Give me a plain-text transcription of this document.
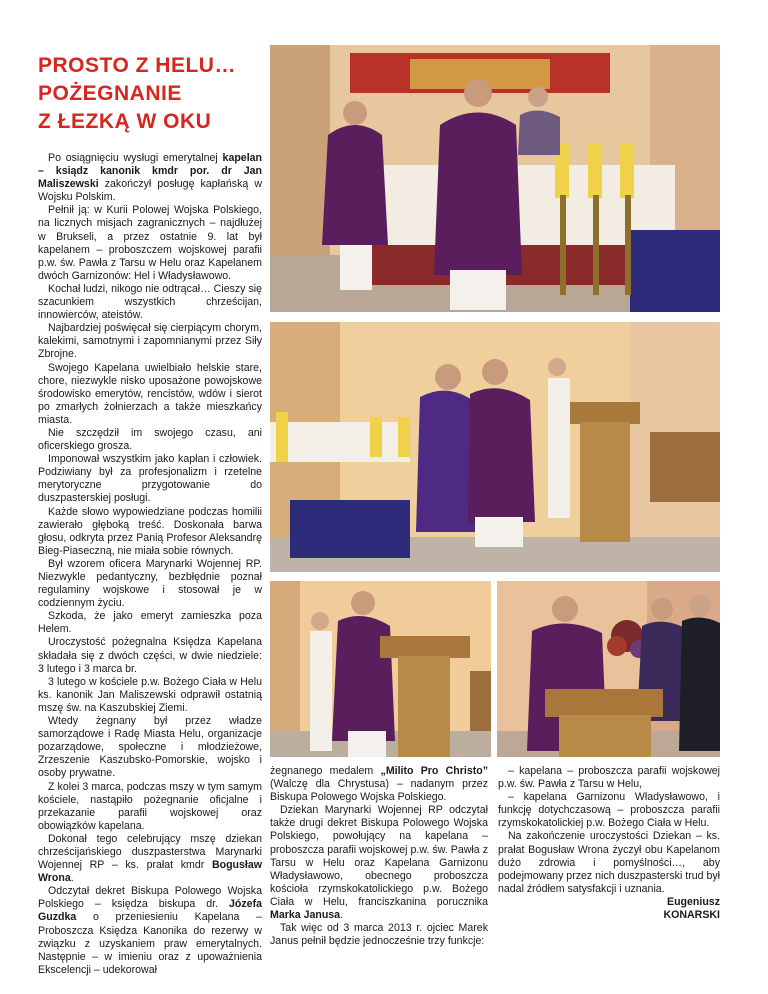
PROSTO Z HELU…
POŻEGNANIE
Z ŁEZKĄ W OKU

Po osiągnięciu wysługi emerytalnej kapelan – ksiądz kanonik kmdr por. dr Jan Maliszewski zakończył posługę kapłańską w Wojsku Polskim.

Pełnił ją: w Kurii Polowej Wojska Polskiego, na licznych misjach zagranicznych – najdłużej w Brukseli, a przez ostatnie 9. lat był kapelanem – proboszczem wojskowej parafii p.w. św. Pawła z Tarsu w Helu oraz Kapelanem dwóch Garnizonów: Hel i Władysławowo.

Kochał ludzi, nikogo nie odtrącał… Cieszy się szacunkiem wszystkich chrześcijan, innowierców, ateistów.

Najbardziej poświęcał się cierpiącym chorym, kalekimi, samotnymi i zapomnianymi przez Siły Zbrojne.

Swojego Kapelana uwielbiało helskie stare, chore, niezwykle nisko uposażone powojskowe środowisko emerytów, rencistów, wdów i sierot po zmarłych żołnierzach a także mieszkańcy miasta.

Nie szczędził im swojego czasu, ani oficerskiego grosza.

Imponował wszystkim jako kapłan i człowiek. Podziwiany był za profesjonalizm i rzetelne merytoryczne przygotowanie do duszpasterskiej posługi.

Każde słowo wypowiedziane podczas homilii zawierało głęboką treść. Doskonała barwa głosu, odkryta przez Panią Profesor Aleksandrę Bieg-Piaseczną, nie miała sobie równych.

Był wzorem oficera Marynarki Wojennej RP. Niezwykle pedantyczny, bezbłędnie poznał regulaminy wojskowe i stosował je w codziennym życiu.

Szkoda, że jako emeryt zamieszka poza Helem.

Uroczystość pożegnalna Księdza Kapelana składała się z dwóch części, w dwie niedziele: 3 lutego i 3 marca br.

3 lutego w kościele p.w. Bożego Ciała w Helu ks. kanonik Jan Maliszewski odprawił ostatnią mszę św. na Kaszubskiej Ziemi.

Wtedy żegnany był przez władze samorządowe i Radę Miasta Helu, organizacje pozarządowe, społeczne i młodzieżowe, Zrzeszenie Kaszubsko-Pomorskie, wojsko i osoby prywatne.

Z kolei 3 marca, podczas mszy w tym samym kościele, nastąpiło pożegnanie oficjalne i przekazanie parafii wojskowej oraz obowiązków kapelana.

Dokonał tego celebrujący mszę dziekan chrześcijańskiego duszpasterstwa Marynarki Wojennej RP – ks. prałat kmdr Bogusław Wrona.

Odczytał dekret Biskupa Polowego Wojska Polskiego – księdza biskupa dr. Józefa Guzdka o przeniesieniu Kapelana – Proboszcza Księdza Kanonika do rezerwy w związku z uzyskaniem praw emerytalnych. Następnie – w imieniu oraz z upoważnienia Ekscelencji – udekorował

żegnanego medalem „Milito Pro Christo” (Walczę dla Chrystusa) – nadanym przez Biskupa Polowego Wojska Polskiego.

Dziekan Marynarki Wojennej RP odczytał także drugi dekret Biskupa Polowego Wojska Polskiego, powołujący na kapelana – proboszcza parafii wojskowej p.w. św. Pawła z Tarsu w Helu oraz Kapelana Garnizonu Władysławowo, obecnego proboszcza kościoła rzymskokatolickiego p.w. Bożego Ciała w Helu, franciszkanina porucznika Marka Janusa.

Tak więc od 3 marca 2013 r. ojciec Marek Janus pełnił będzie jednocześnie trzy funkcje:

– kapelana – proboszcza parafii wojskowej p.w. św. Pawła z Tarsu w Helu,

– kapelana Garnizonu Władysławowo, i funkcję dotychczasową – proboszcza parafii rzymskokatolickiej p.w. Bożego Ciała w Helu.

Na zakończenie uroczystości Dziekan – ks. prałat Bogusław Wrona życzył obu Kapelanom dużo zdrowia i pomyślności…, aby podejmowany przez nich duszpasterski trud był nadal źródłem satysfakcji i uznania.

Eugeniusz
KONARSKI
